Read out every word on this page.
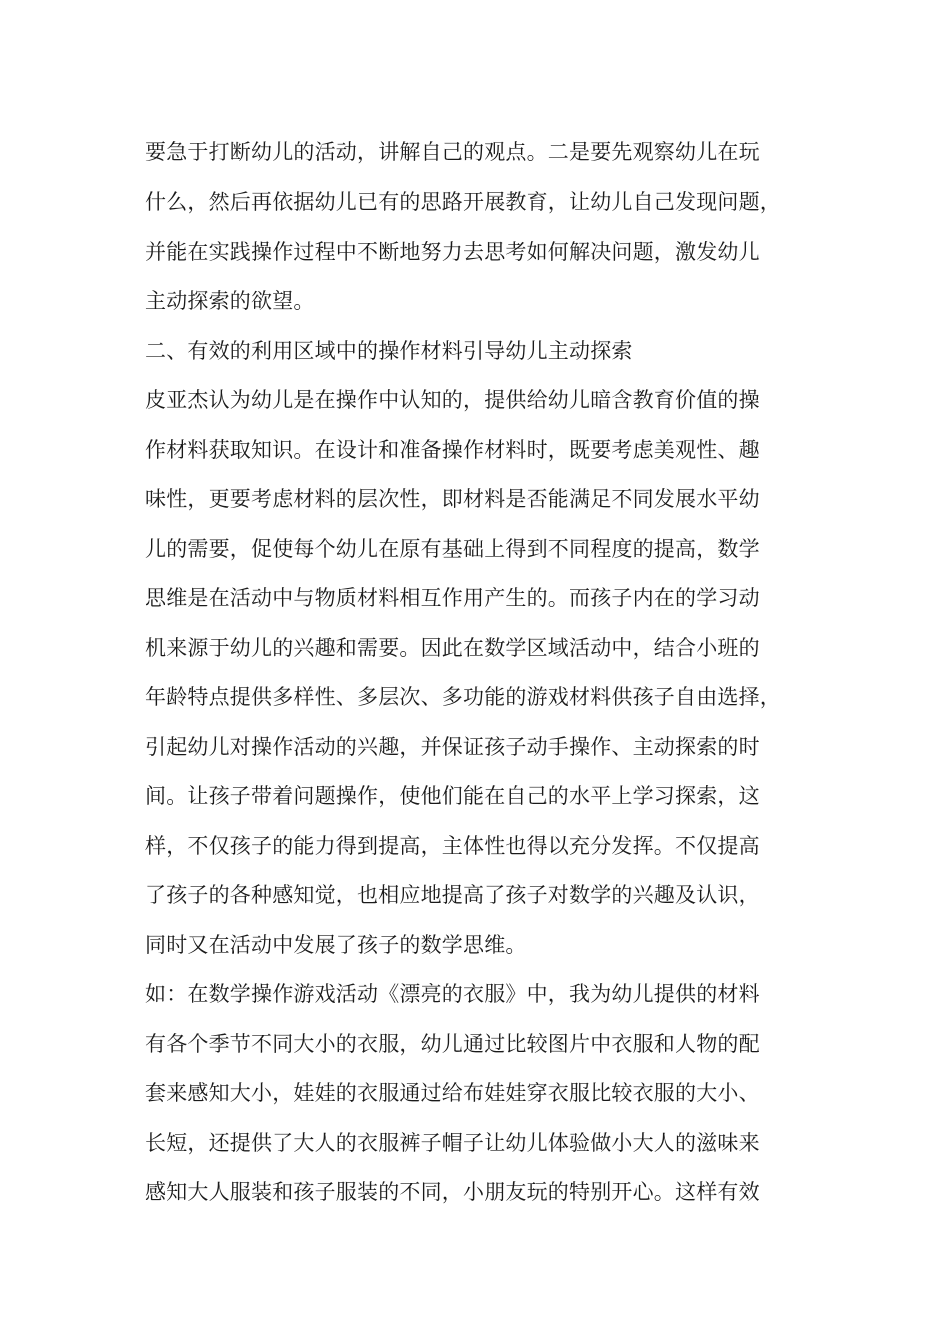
要急于打断幼儿的活动，讲解自己的观点。二是要先观察幼儿在玩

什么，然后再依据幼儿已有的思路开展教育，让幼儿自己发现问题，

并能在实践操作过程中不断地努力去思考如何解决问题，激发幼儿

主动探索的欲望。

二、有效的利用区域中的操作材料引导幼儿主动探索

皮亚杰认为幼儿是在操作中认知的，提供给幼儿暗含教育价值的操

作材料获取知识。在设计和准备操作材料时，既要考虑美观性、趣

味性，更要考虑材料的层次性，即材料是否能满足不同发展水平幼

儿的需要，促使每个幼儿在原有基础上得到不同程度的提高，数学

思维是在活动中与物质材料相互作用产生的。而孩子内在的学习动

机来源于幼儿的兴趣和需要。因此在数学区域活动中，结合小班的

年龄特点提供多样性、多层次、多功能的游戏材料供孩子自由选择，

引起幼儿对操作活动的兴趣，并保证孩子动手操作、主动探索的时

间。让孩子带着问题操作，使他们能在自己的水平上学习探索，这

样，不仅孩子的能力得到提高，主体性也得以充分发挥。不仅提高

了孩子的各种感知觉，也相应地提高了孩子对数学的兴趣及认识，

同时又在活动中发展了孩子的数学思维。

如：在数学操作游戏活动《漂亮的衣服》中，我为幼儿提供的材料

有各个季节不同大小的衣服，幼儿通过比较图片中衣服和人物的配

套来感知大小，娃娃的衣服通过给布娃娃穿衣服比较衣服的大小、

长短，还提供了大人的衣服裤子帽子让幼儿体验做小大人的滋味来

感知大人服装和孩子服装的不同，小朋友玩的特别开心。这样有效
